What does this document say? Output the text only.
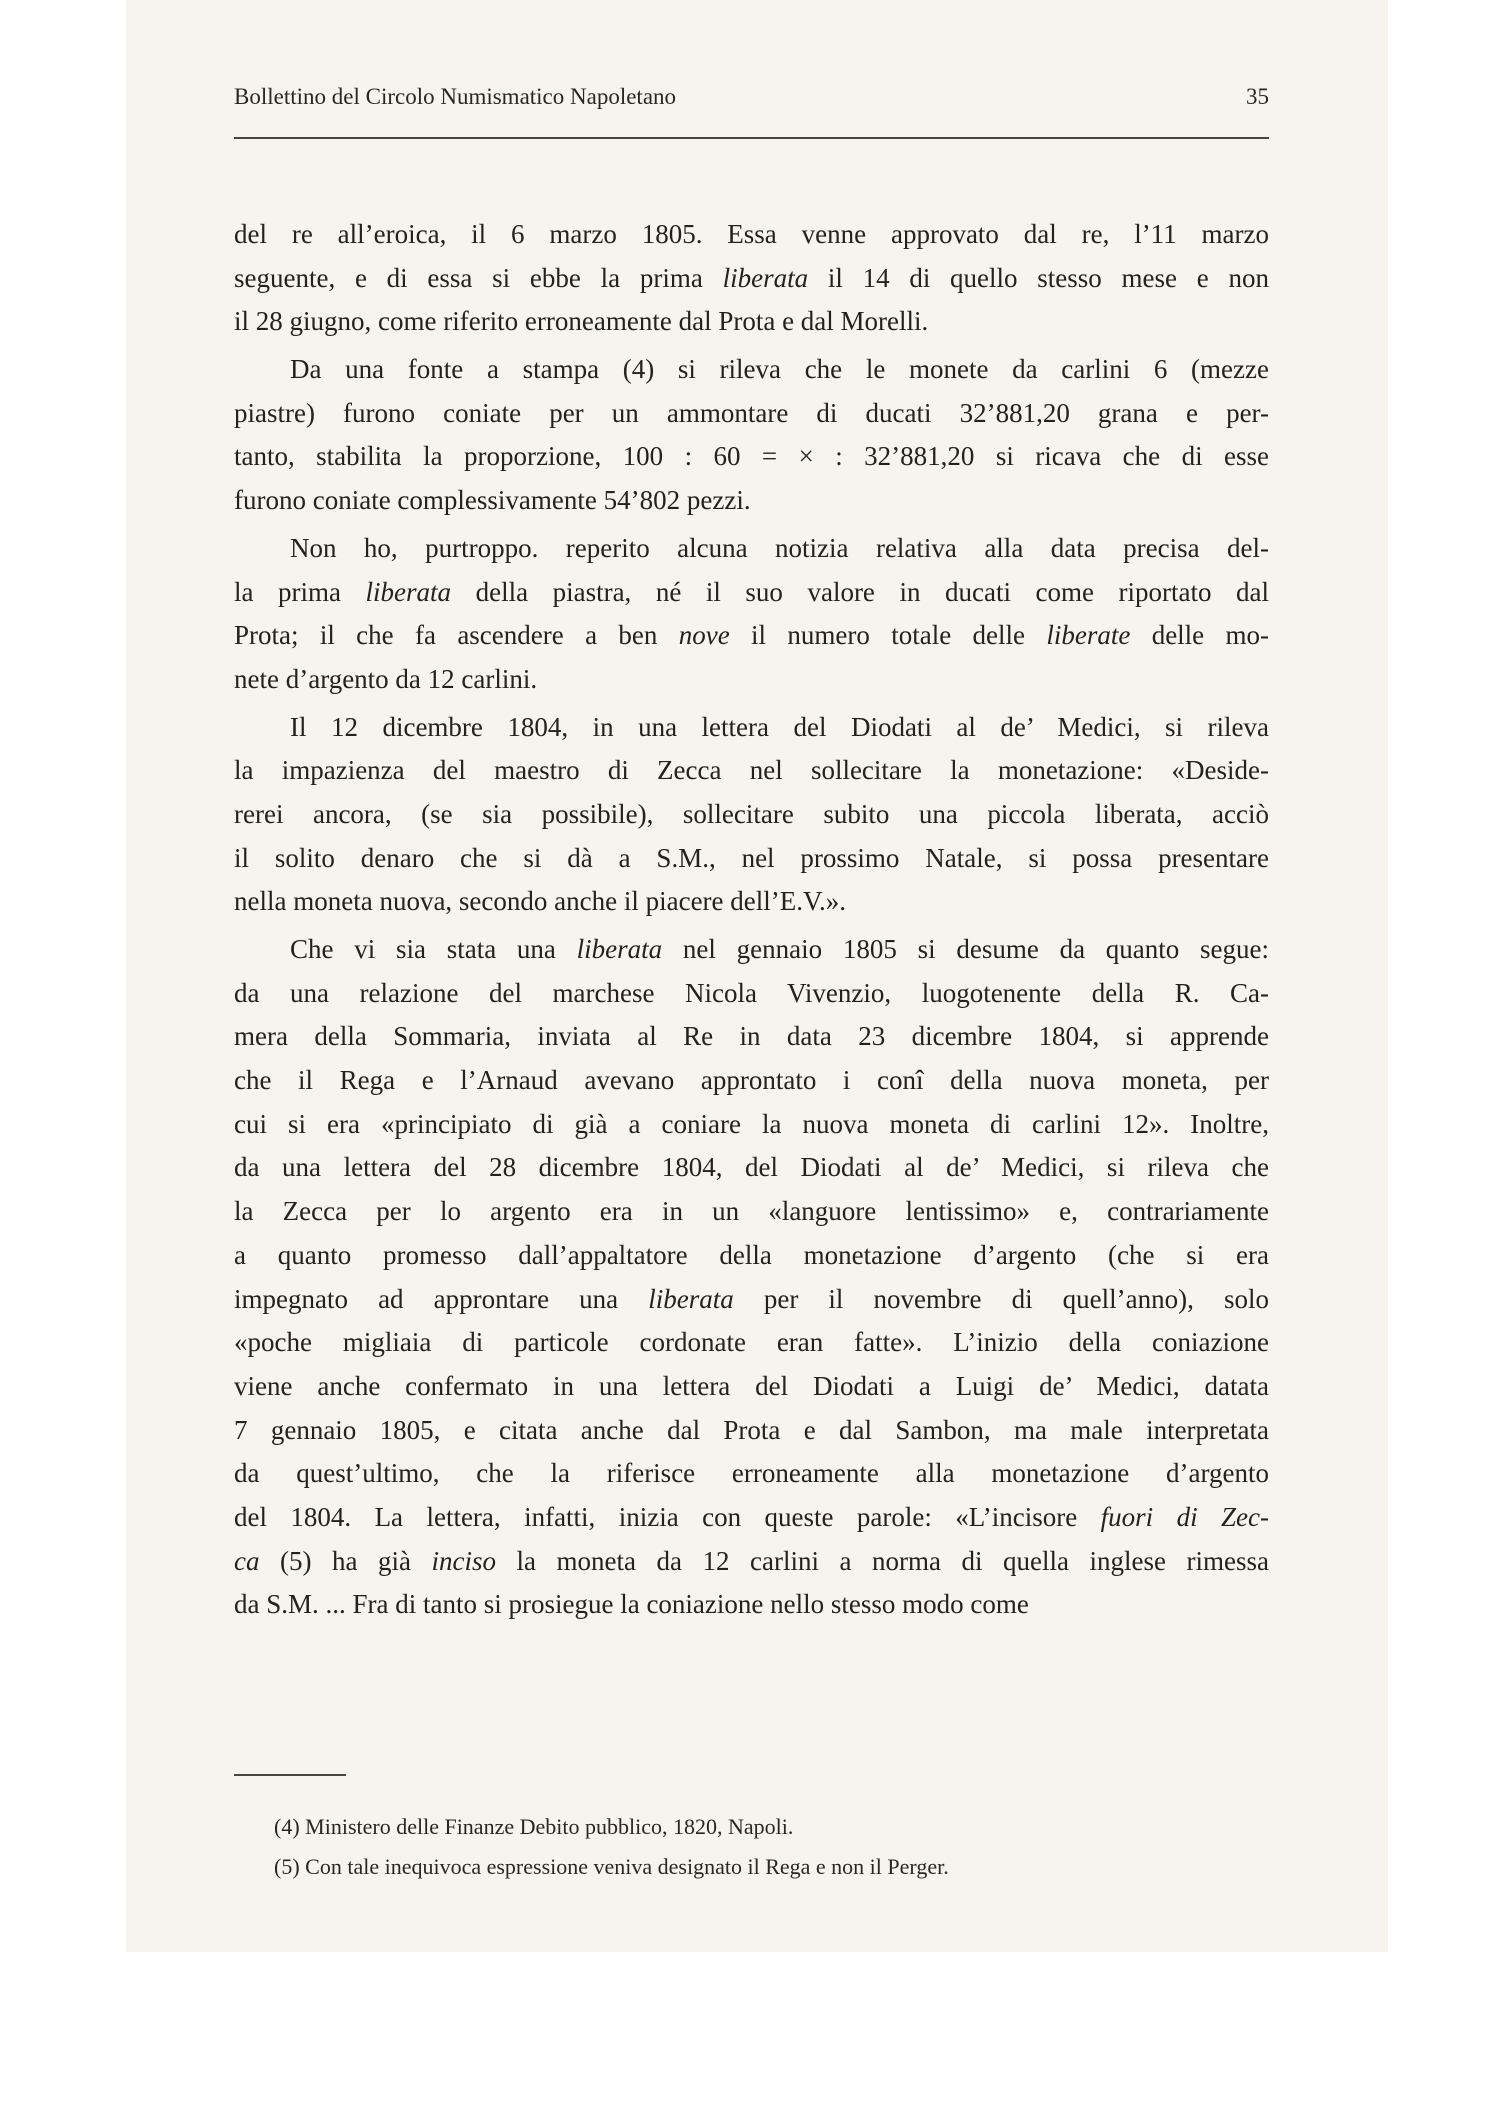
Bollettino del Circolo Numismatico Napoletano	35
del re all’eroica, il 6 marzo 1805. Essa venne approvato dal re, l’11 marzo
seguente, e di essa si ebbe la prima liberata il 14 di quello stesso mese e non
il 28 giugno, come riferito erroneamente dal Prota e dal Morelli.
Da una fonte a stampa (4) si rileva che le monete da carlini 6 (mezze
piastre) furono coniate per un ammontare di ducati 32’881,20 grana e per-
tanto, stabilita la proporzione, 100 : 60 = × : 32’881,20 si ricava che di esse
furono coniate complessivamente 54’802 pezzi.
Non ho, purtroppo. reperito alcuna notizia relativa alla data precisa del-
la prima liberata della piastra, né il suo valore in ducati come riportato dal
Prota; il che fa ascendere a ben nove il numero totale delle liberate delle mo-
nete d’argento da 12 carlini.
Il 12 dicembre 1804, in una lettera del Diodati al de’ Medici, si rileva
la impazienza del maestro di Zecca nel sollecitare la monetazione: «Deside-
rerei ancora, (se sia possibile), sollecitare subito una piccola liberata, acciò
il solito denaro che si dà a S.M., nel prossimo Natale, si possa presentare
nella moneta nuova, secondo anche il piacere dell’E.V.».
Che vi sia stata una liberata nel gennaio 1805 si desume da quanto segue:
da una relazione del marchese Nicola Vivenzio, luogotenente della R. Ca-
mera della Sommaria, inviata al Re in data 23 dicembre 1804, si apprende
che il Rega e l’Arnaud avevano approntato i conî della nuova moneta, per
cui si era «principiato di già a coniare la nuova moneta di carlini 12». Inoltre,
da una lettera del 28 dicembre 1804, del Diodati al de’ Medici, si rileva che
la Zecca per lo argento era in un «languore lentissimo» e, contrariamente
a quanto promesso dall’appaltatore della monetazione d’argento (che si era
impegnato ad approntare una liberata per il novembre di quell’anno), solo
«poche migliaia di particole cordonate eran fatte». L’inizio della coniazione
viene anche confermato in una lettera del Diodati a Luigi de’ Medici, datata
7 gennaio 1805, e citata anche dal Prota e dal Sambon, ma male interpretata
da quest’ultimo, che la riferisce erroneamente alla monetazione d’argento
del 1804. La lettera, infatti, inizia con queste parole: «L’incisore fuori di Zec-
ca (5) ha già inciso la moneta da 12 carlini a norma di quella inglese rimessa
da S.M. ... Fra di tanto si prosiegue la coniazione nello stesso modo come
(4) Ministero delle Finanze Debito pubblico, 1820, Napoli.
(5) Con tale inequivoca espressione veniva designato il Rega e non il Perger.
